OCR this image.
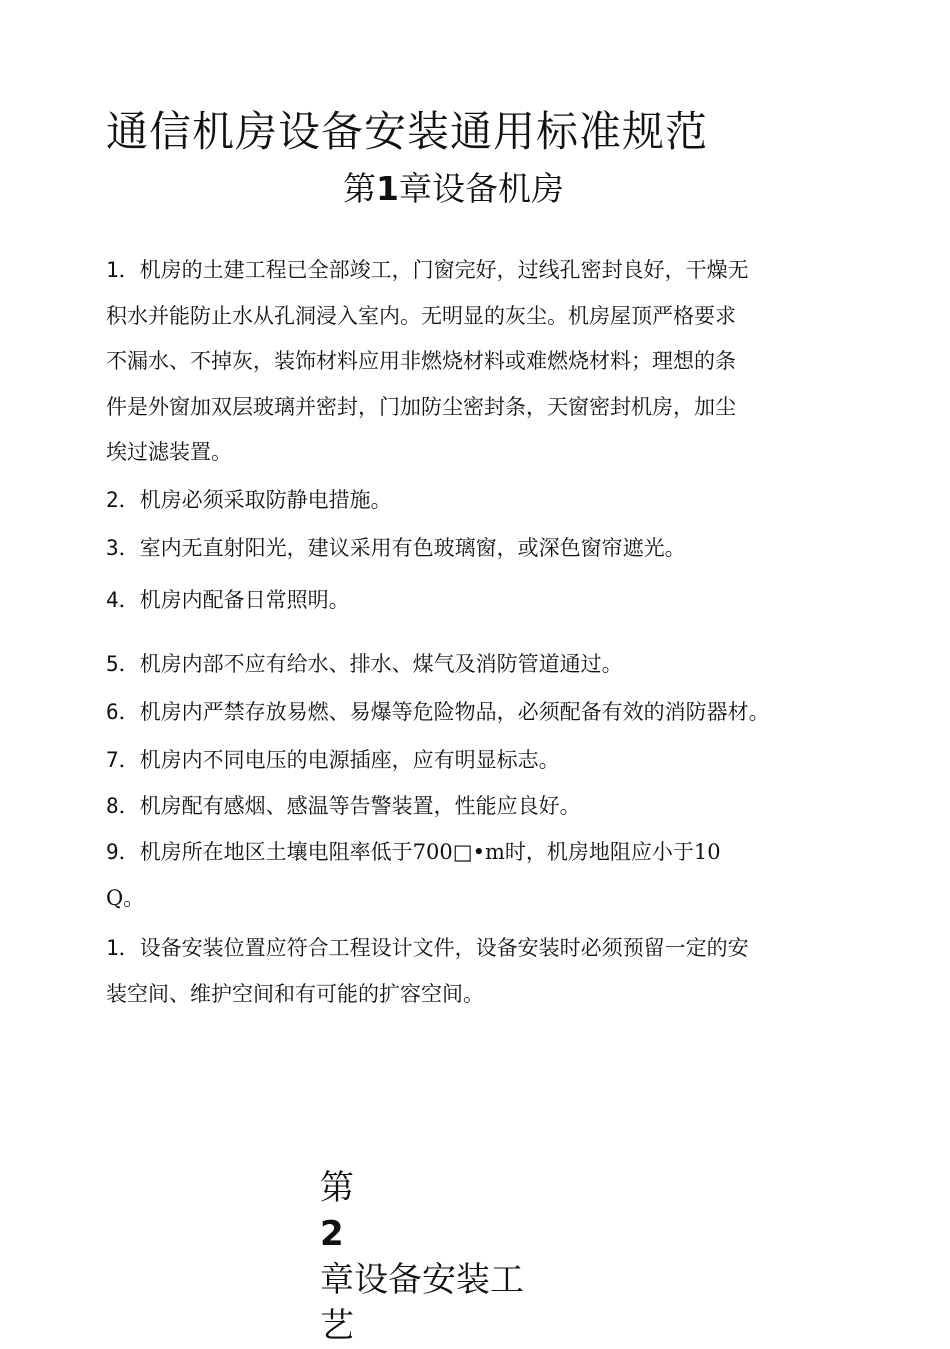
通信机房设备安装通用标准规范
第1章设备机房

1．机房的土建工程已全部竣工，门窗完好，过线孔密封良好，干燥无
积水并能防止水从孔洞浸入室内。无明显的灰尘。机房屋顶严格要求
不漏水、不掉灰，装饰材料应用非燃烧材料或难燃烧材料；理想的条
件是外窗加双层玻璃并密封，门加防尘密封条，天窗密封机房，加尘
埃过滤装置。

2．机房必须采取防静电措施。

3．室内无直射阳光，建议采用有色玻璃窗，或深色窗帘遮光。

4．机房内配备日常照明。

5．机房内部不应有给水、排水、煤气及消防管道通过。

6．机房内严禁存放易燃、易爆等危险物品，必须配备有效的消防器材。

7．机房内不同电压的电源插座，应有明显标志。

8．机房配有感烟、感温等告警装置，性能应良好。

9．机房所在地区土壤电阻率低于700□•m时，机房地阻应小于10
Q。

1．设备安装位置应符合工程设计文件，设备安装时必须预留一定的安
装空间、维护空间和有可能的扩容空间。

第
2
章设备安装工
艺
